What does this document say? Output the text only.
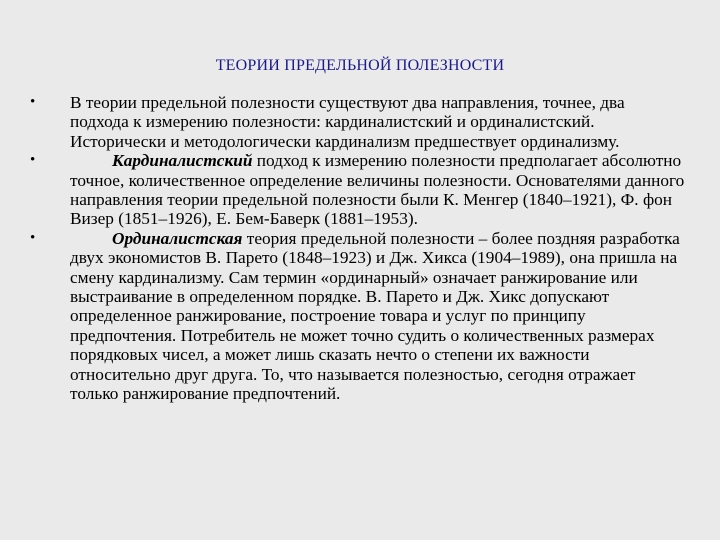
ТЕОРИИ ПРЕДЕЛЬНОЙ ПОЛЕЗНОСТИ
•	В теории предельной полезности существуют два направления, точнее, два подхода к измерению полезности: кардиналистский и ординалистский. Исторически и методологически кардинализм предшествует ординализму.
•	Кардиналистский подход к измерению полезности предполагает абсолютно точное, количественное определение величины полезности. Основателями данного направления теории предельной полезности были К. Менгер (1840–1921), Ф. фон Визер (1851–1926), Е. Бем-Баверк (1881–1953).
•	Ординалистская теория предельной полезности – более поздняя разработка двух экономистов В. Парето (1848–1923) и Дж. Хикса (1904–1989), она пришла на смену кардинализму. Сам термин «ординарный» означает ранжирование или выстраивание в определенном порядке. В. Парето и Дж. Хикс допускают определенное ранжирование, построение товара и услуг по принципу предпочтения. Потребитель не может точно судить о количественных размерах порядковых чисел, а может лишь сказать нечто о степени их важности относительно друг друга. То, что называется полезностью, сегодня отражает только ранжирование предпочтений.
